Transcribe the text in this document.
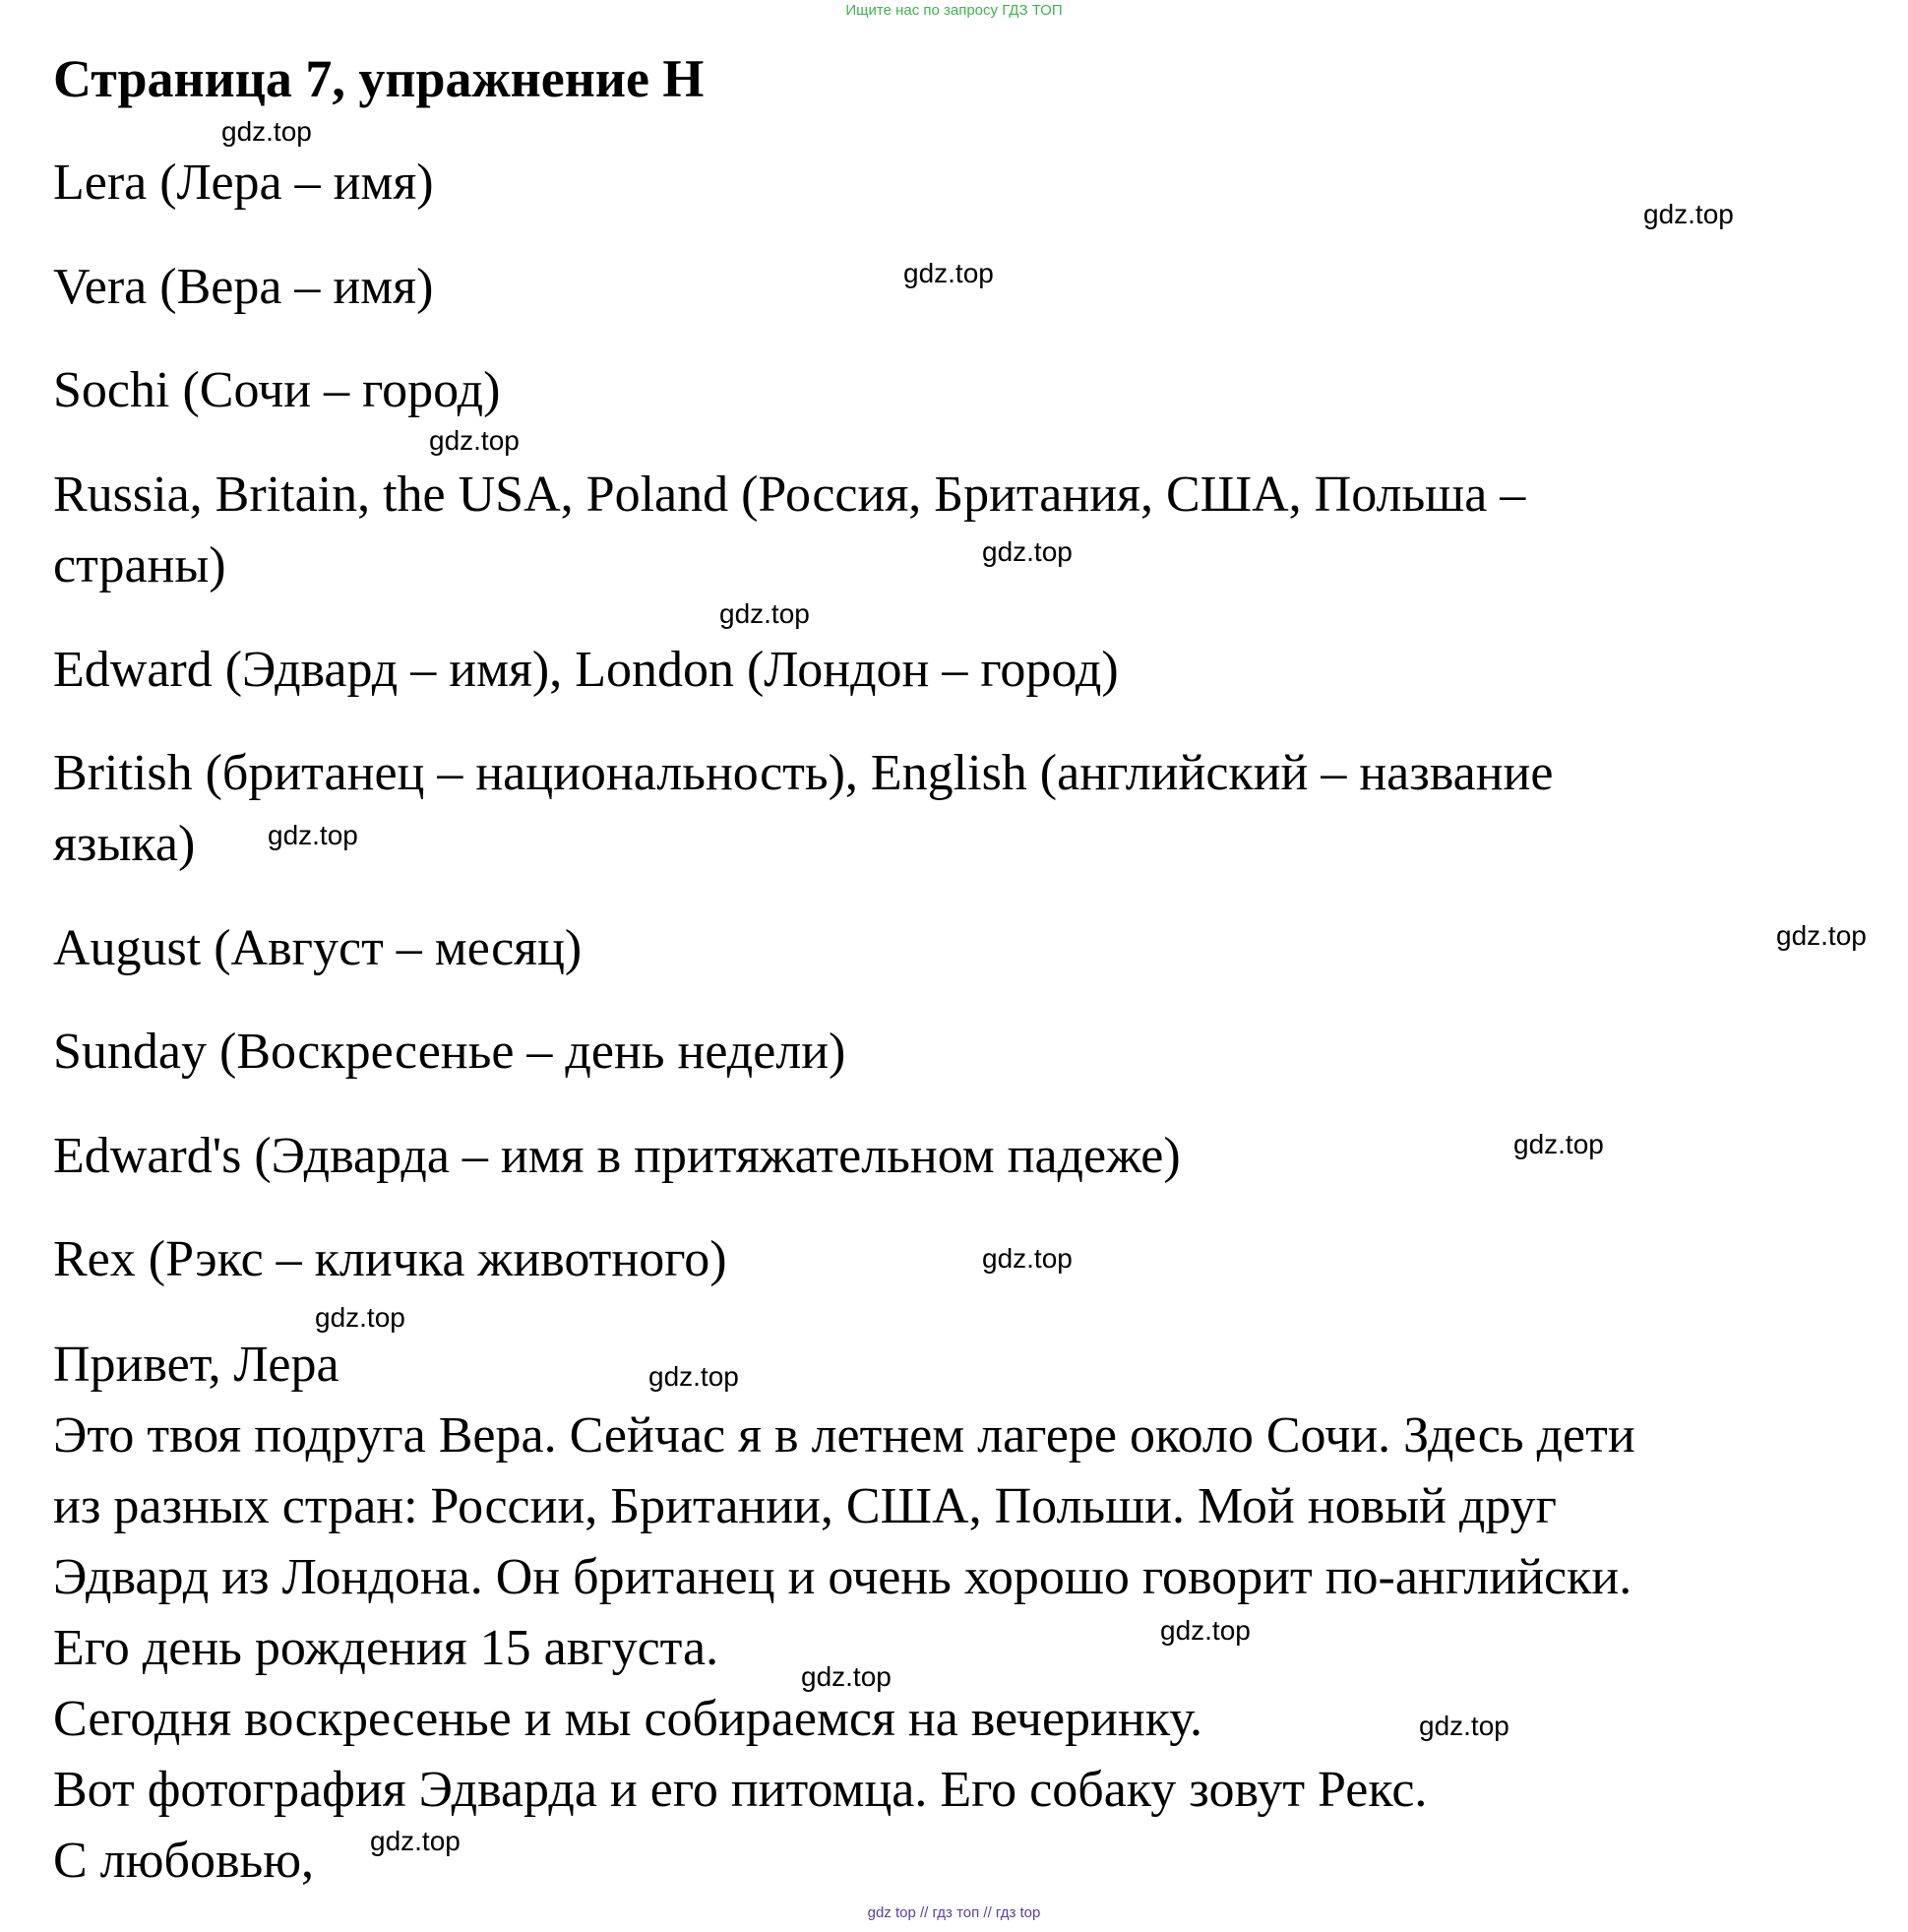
Ищите нас по запросу ГДЗ ТОП
Страница 7, упражнение H
Lera (Лера – имя)
Vera (Вера – имя)
Sochi (Сочи – город)
Russia, Britain, the USA, Poland (Россия, Британия, США, Польша –
страны)
Edward (Эдвард – имя), London (Лондон – город)
British (британец – национальность), English (английский – название
языка)
August (Август – месяц)
Sunday (Воскресенье – день недели)
Edward's (Эдварда – имя в притяжательном падеже)
Rex (Рэкс – кличка животного)
Привет, Лера
Это твоя подруга Вера. Сейчас я в летнем лагере около Сочи. Здесь дети
из разных стран: России, Британии, США, Польши. Мой новый друг
Эдвард из Лондона. Он британец и очень хорошо говорит по-английски.
Его день рождения 15 августа.
Сегодня воскресенье и мы собираемся на вечеринку.
Вот фотография Эдварда и его питомца. Его собаку зовут Рекс.
С любовью,
gdz.top
gdz.top
gdz.top
gdz.top
gdz.top
gdz.top
gdz.top
gdz.top
gdz.top
gdz.top
gdz.top
gdz.top
gdz.top
gdz.top
gdz.top
gdz.top
gdz top // гдз топ // гдз top
